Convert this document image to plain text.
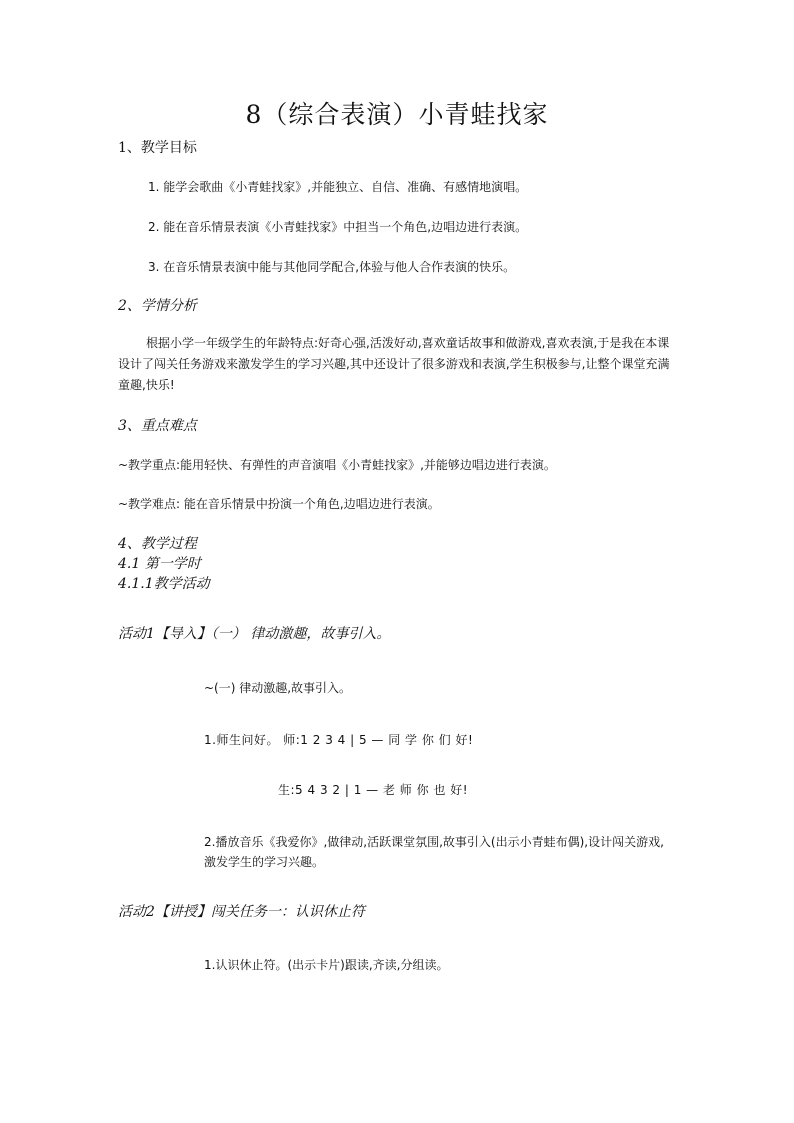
8（综合表演）小青蛙找家
1、教学目标
1. 能学会歌曲《小青蛙找家》,并能独立、自信、准确、有感情地演唱。
2. 能在音乐情景表演《小青蛙找家》中担当一个角色,边唱边进行表演。
3. 在音乐情景表演中能与其他同学配合,体验与他人合作表演的快乐。
2、学情分析
根据小学一年级学生的年龄特点:好奇心强,活泼好动,喜欢童话故事和做游戏,喜欢表演,于是我在本课设计了闯关任务游戏来激发学生的学习兴趣,其中还设计了很多游戏和表演,学生积极参与,让整个课堂充满童趣,快乐!
3、重点难点
~教学重点:能用轻快、有弹性的声音演唱《小青蛙找家》,并能够边唱边进行表演。
~教学难点: 能在音乐情景中扮演一个角色,边唱边进行表演。
4、教学过程
4.1 第一学时
4.1.1教学活动
活动1【导入】（一） 律动激趣，故事引入。
~(一) 律动激趣,故事引入。
1.师生问好。 师:1 2 3 4 | 5 — 同 学 你 们 好!
生:5 4 3 2 | 1 — 老 师 你 也 好!
2.播放音乐《我爱你》,做律动,活跃课堂氛围,故事引入(出示小青蛙布偶),设计闯关游戏,激发学生的学习兴趣。
活动2【讲授】闯关任务一：认识休止符
1.认识休止符。(出示卡片)跟读,齐读,分组读。
